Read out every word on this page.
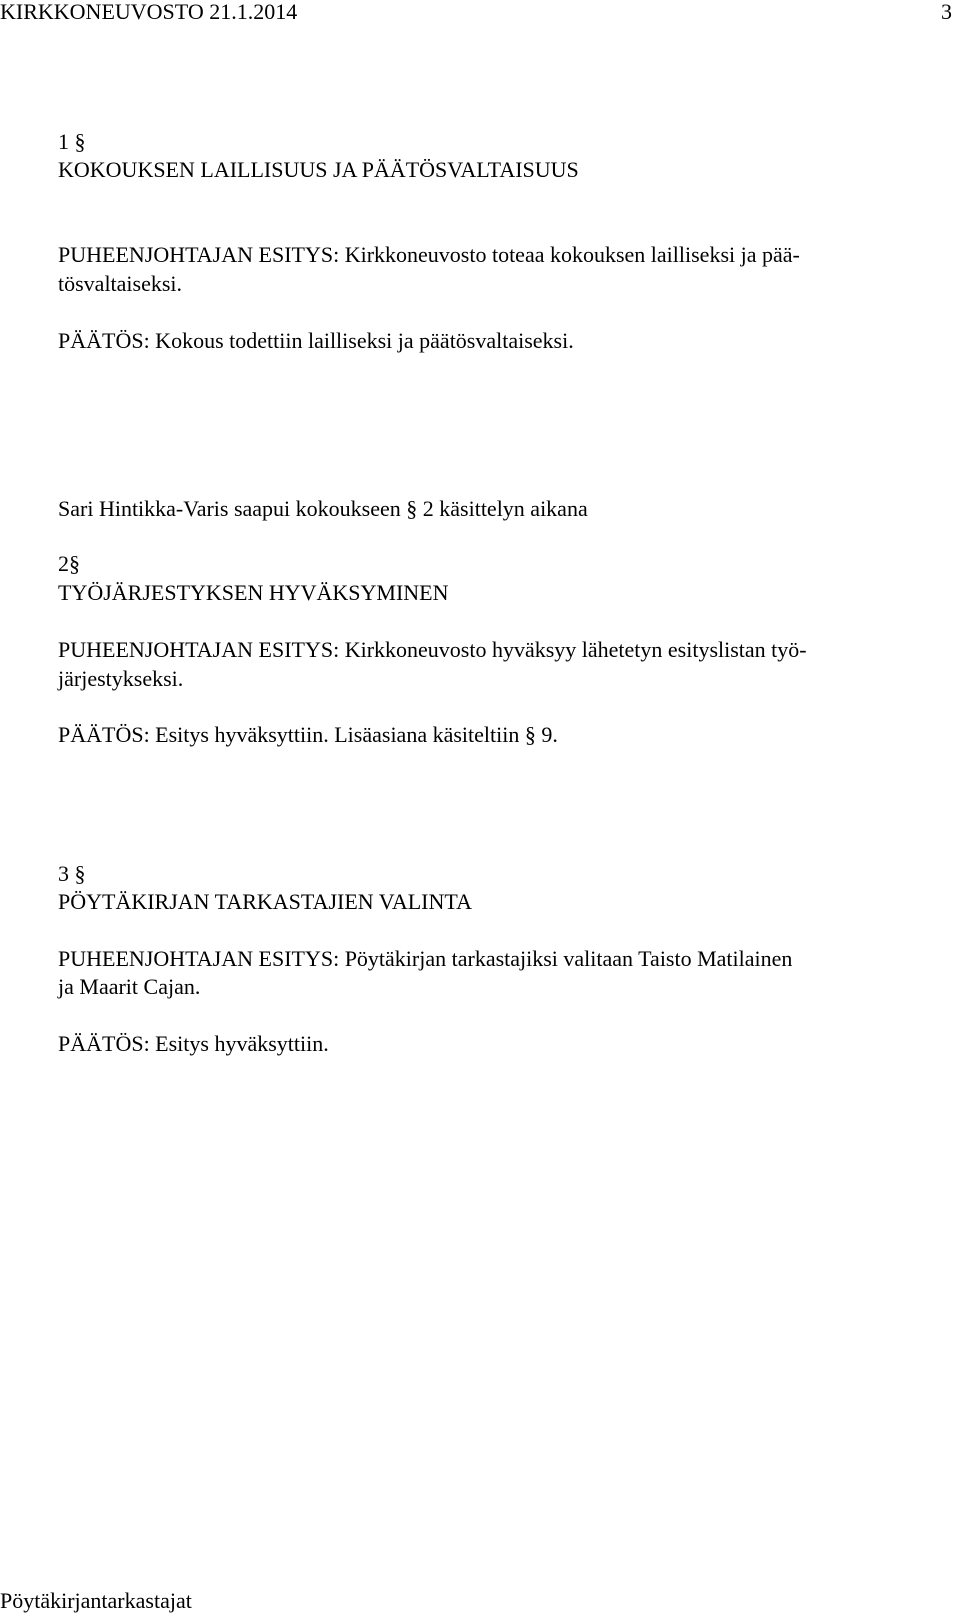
KIRKKONEUVOSTO 21.1.2014	3
1 §
KOKOUKSEN LAILLISUUS JA PÄÄTÖSVALTAISUUS
PUHEENJOHTAJAN ESITYS: Kirkkoneuvosto toteaa kokouksen lailliseksi ja pää-
tösvaltaiseksi.
PÄÄTÖS: Kokous todettiin lailliseksi ja päätösvaltaiseksi.
Sari Hintikka-Varis saapui kokoukseen § 2 käsittelyn aikana
2§
TYÖJÄRJESTYKSEN HYVÄKSYMINEN
PUHEENJOHTAJAN ESITYS: Kirkkoneuvosto hyväksyy lähetetyn esityslistan työ-
järjestykseksi.
PÄÄTÖS: Esitys hyväksyttiin. Lisäasiana käsiteltiin § 9.
3 §
PÖYTÄKIRJAN TARKASTAJIEN VALINTA
PUHEENJOHTAJAN ESITYS: Pöytäkirjan tarkastajiksi valitaan Taisto Matilainen
ja Maarit Cajan.
PÄÄTÖS: Esitys hyväksyttiin.
Pöytäkirjantarkastajat
